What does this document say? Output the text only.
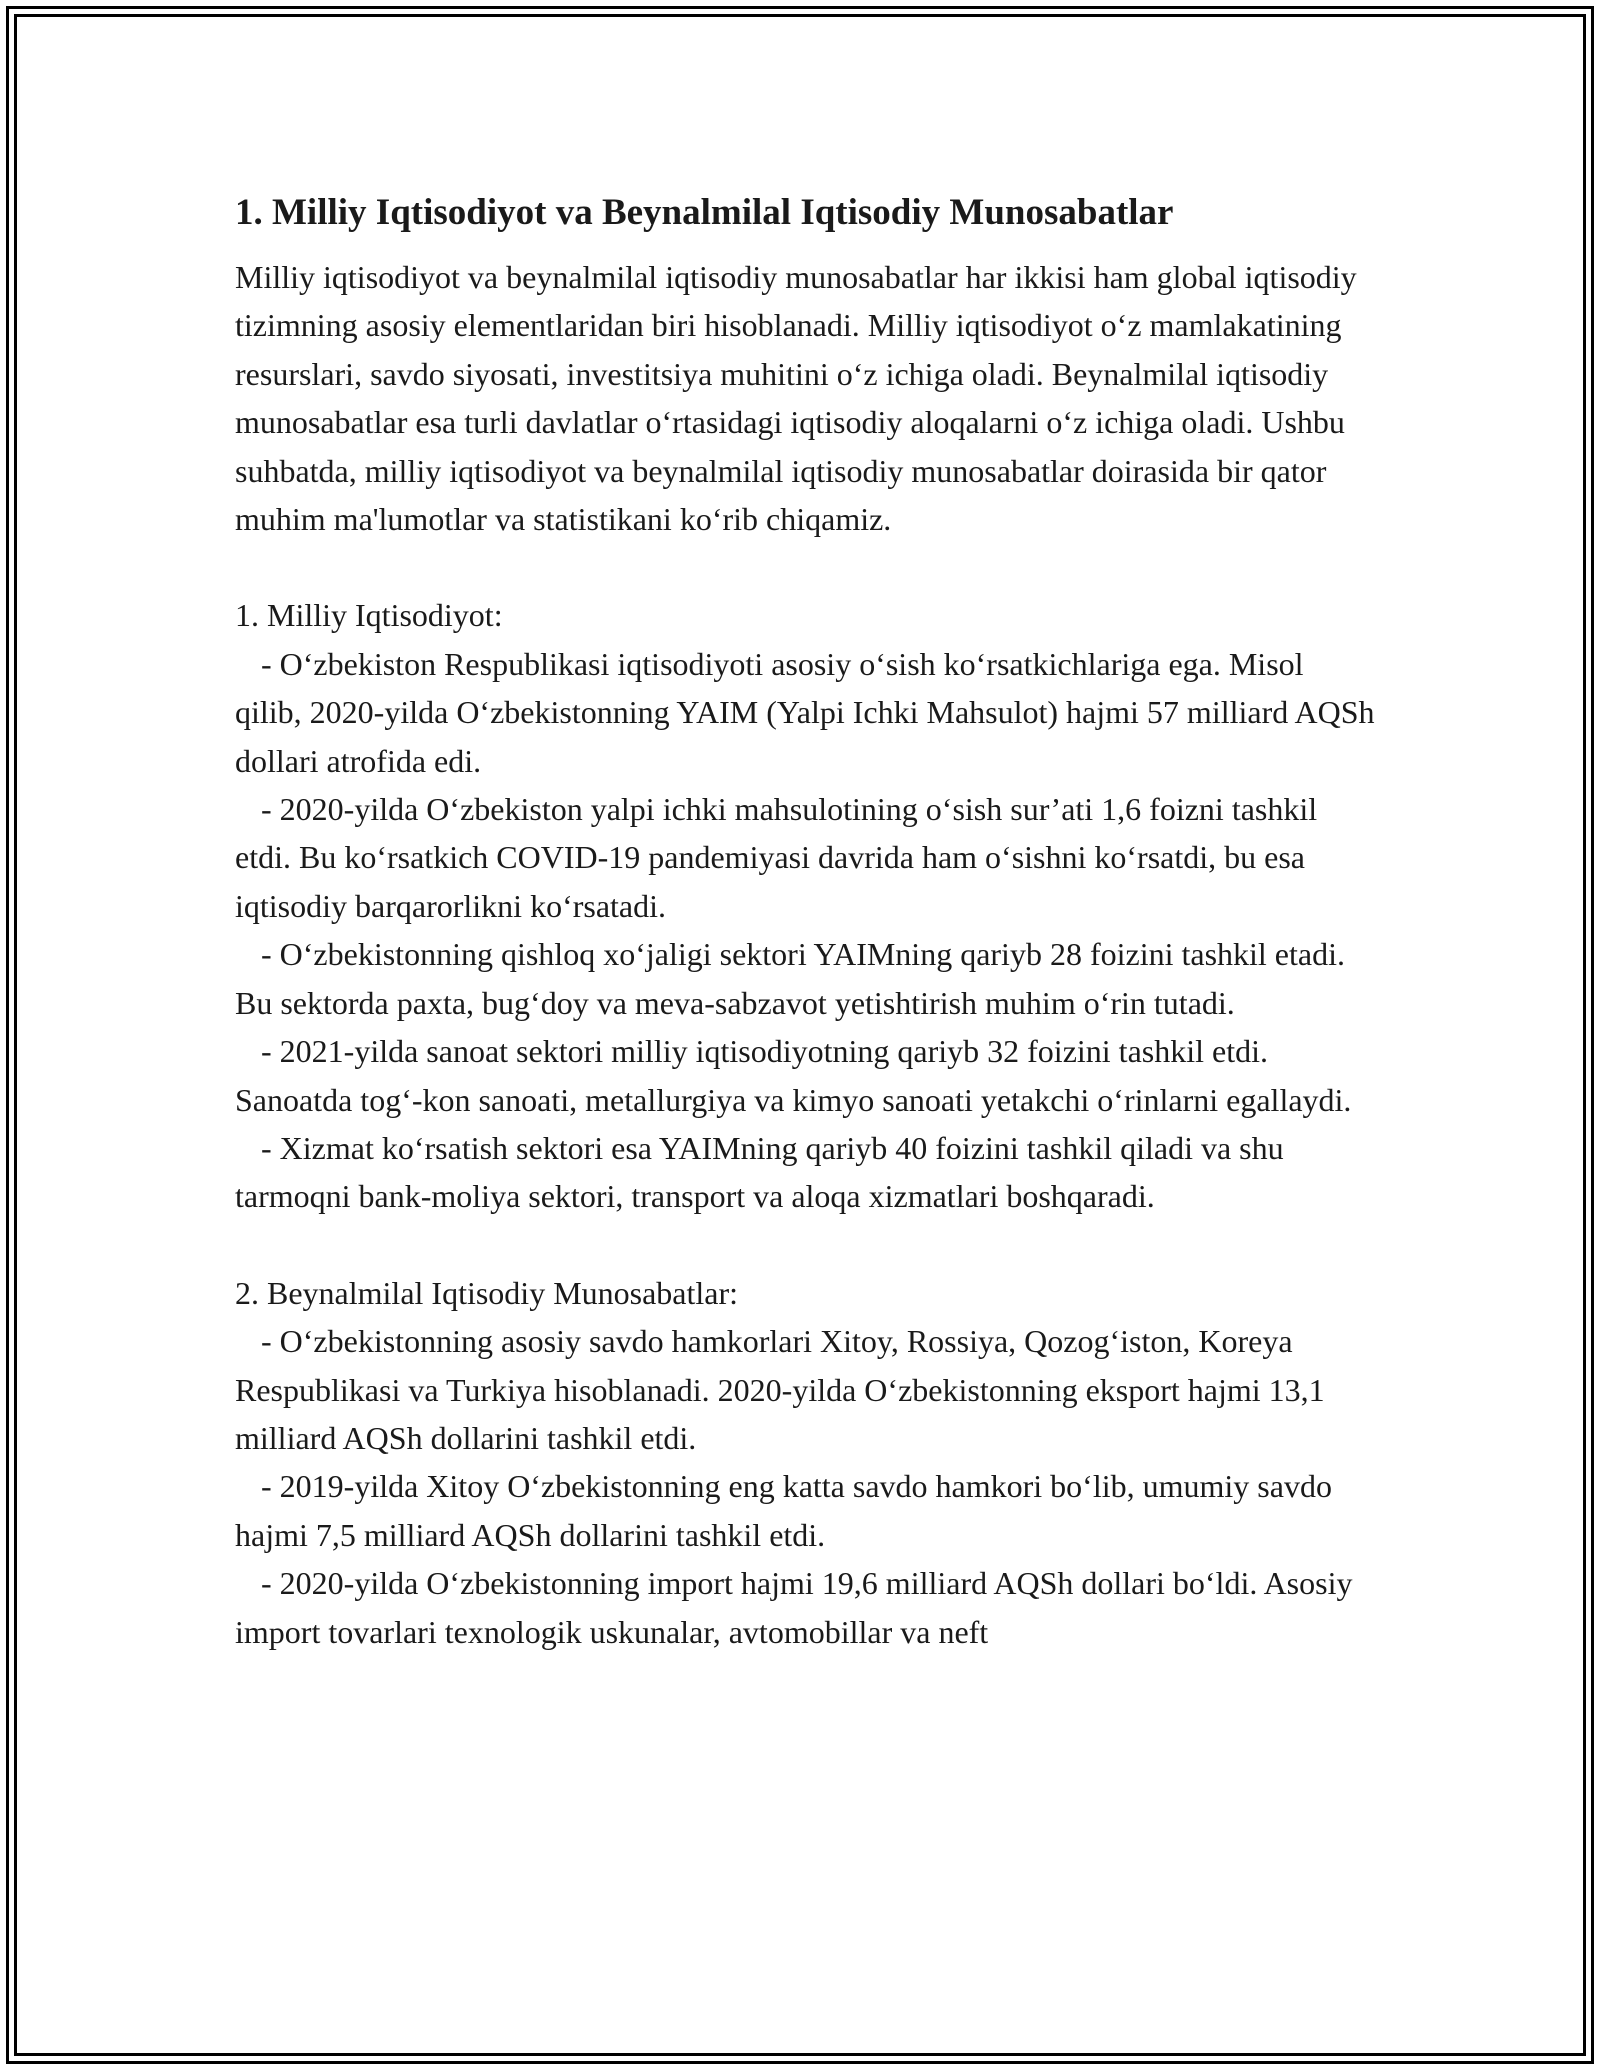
1. Milliy Iqtisodiyot va Beynalmilal Iqtisodiy Munosabatlar

Milliy iqtisodiyot va beynalmilal iqtisodiy munosabatlar har ikkisi ham global iqtisodiy tizimning asosiy elementlaridan biri hisoblanadi. Milliy iqtisodiyot o‘z mamlakatining resurslari, savdo siyosati, investitsiya muhitini o‘z ichiga oladi. Beynalmilal iqtisodiy munosabatlar esa turli davlatlar o‘rtasidagi iqtisodiy aloqalarni o‘z ichiga oladi. Ushbu suhbatda, milliy iqtisodiyot va beynalmilal iqtisodiy munosabatlar doirasida bir qator muhim ma'lumotlar va statistikani ko‘rib chiqamiz.

1. Milliy Iqtisodiyot:

- O‘zbekiston Respublikasi iqtisodiyoti asosiy o‘sish ko‘rsatkichlariga ega. Misol qilib, 2020-yilda O‘zbekistonning YAIM (Yalpi Ichki Mahsulot) hajmi 57 milliard AQSh dollari atrofida edi.

- 2020-yilda O‘zbekiston yalpi ichki mahsulotining o‘sish sur’ati 1,6 foizni tashkil etdi. Bu ko‘rsatkich COVID-19 pandemiyasi davrida ham o‘sishni ko‘rsatdi, bu esa iqtisodiy barqarorlikni ko‘rsatadi.

- O‘zbekistonning qishloq xo‘jaligi sektori YAIMning qariyb 28 foizini tashkil etadi. Bu sektorda paxta, bug‘doy va meva-sabzavot yetishtirish muhim o‘rin tutadi.

- 2021-yilda sanoat sektori milliy iqtisodiyotning qariyb 32 foizini tashkil etdi. Sanoatda tog‘-kon sanoati, metallurgiya va kimyo sanoati yetakchi o‘rinlarni egallaydi.

- Xizmat ko‘rsatish sektori esa YAIMning qariyb 40 foizini tashkil qiladi va shu tarmoqni bank-moliya sektori, transport va aloqa xizmatlari boshqaradi.

2. Beynalmilal Iqtisodiy Munosabatlar:

- O‘zbekistonning asosiy savdo hamkorlari Xitoy, Rossiya, Qozog‘iston, Koreya Respublikasi va Turkiya hisoblanadi. 2020-yilda O‘zbekistonning eksport hajmi 13,1 milliard AQSh dollarini tashkil etdi.

- 2019-yilda Xitoy O‘zbekistonning eng katta savdo hamkori bo‘lib, umumiy savdo hajmi 7,5 milliard AQSh dollarini tashkil etdi.

- 2020-yilda O‘zbekistonning import hajmi 19,6 milliard AQSh dollari bo‘ldi. Asosiy import tovarlari texnologik uskunalar, avtomobillar va neft
